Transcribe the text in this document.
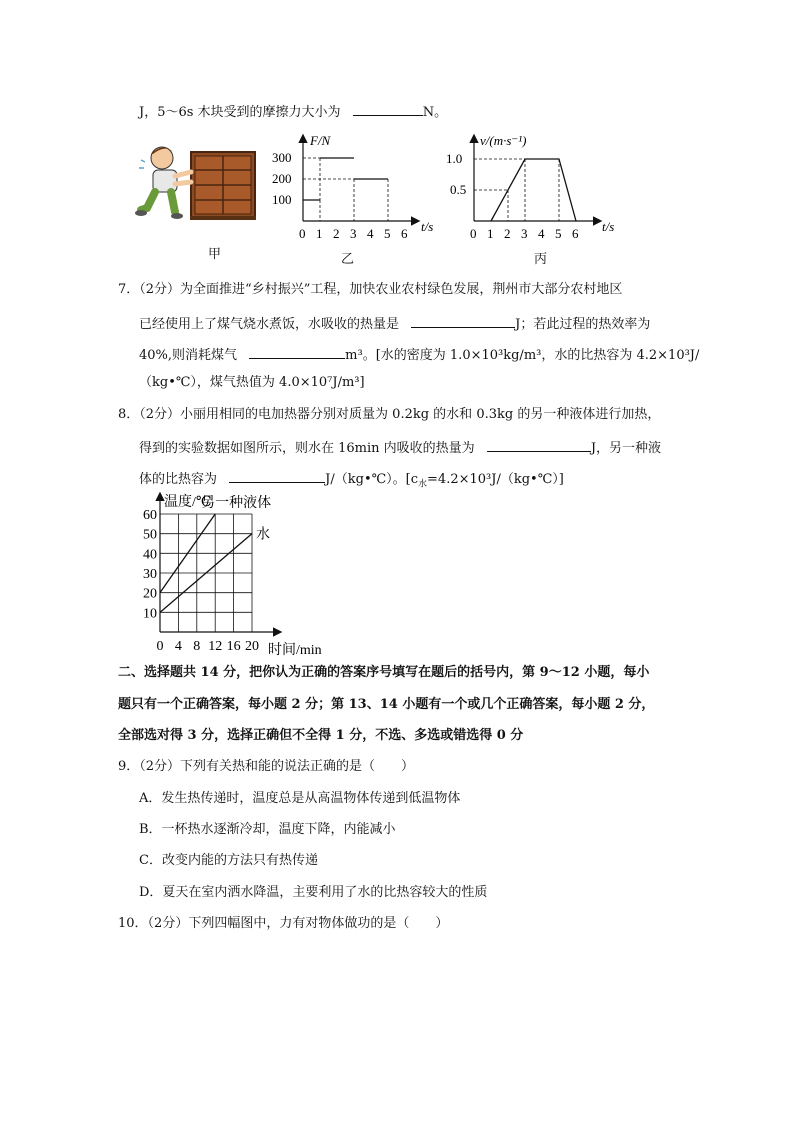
J，5～6s 木块受到的摩擦力大小为	N。
甲
F/N
300
200
100
0 1 2 3 4 5 6 t/s
乙
v/(m·s⁻¹)
1.0
0.5
0 1 2 3 4 5 6 t/s
丙
7．（2分）为全面推进“乡村振兴”工程，加快农业农村绿色发展，荆州市大部分农村地区
已经使用上了煤气烧水煮饭，水吸收的热量是	J；若此过程的热效率为
40%,则消耗煤气	m³。[水的密度为 1.0×10³kg/m³，水的比热容为 4.2×10³J/
（kg•℃），煤气热值为 4.0×10⁷J/m³]
8．（2分）小丽用相同的电加热器分别对质量为 0.2kg 的水和 0.3kg 的另一种液体进行加热，
得到的实验数据如图所示，则水在 16min 内吸收的热量为	J，另一种液
体的比热容为	J/（kg•℃）。$[c_水=4.2\times 10^3J/(kg•℃)]$
0 4 8 12 16 20
60
50
40
30
20
10
另一种液体
水
温度/℃
时间/min
二、选择题共 14 分，把你认为正确的答案序号填写在题后的括号内，第 9～12 小题，每小
题只有一个正确答案，每小题 2 分；第 13、14 小题有一个或几个正确答案，每小题 2 分，
全部选对得 3 分，选择正确但不全得 1 分，不选、多选或错选得 0 分
9．（2分）下列有关热和能的说法正确的是（　　）
A．发生热传递时，温度总是从高温物体传递到低温物体
B．一杯热水逐渐冷却，温度下降，内能减小
C．改变内能的方法只有热传递
D．夏天在室内洒水降温，主要利用了水的比热容较大的性质
10．（2分）下列四幅图中，力有对物体做功的是（　　）
